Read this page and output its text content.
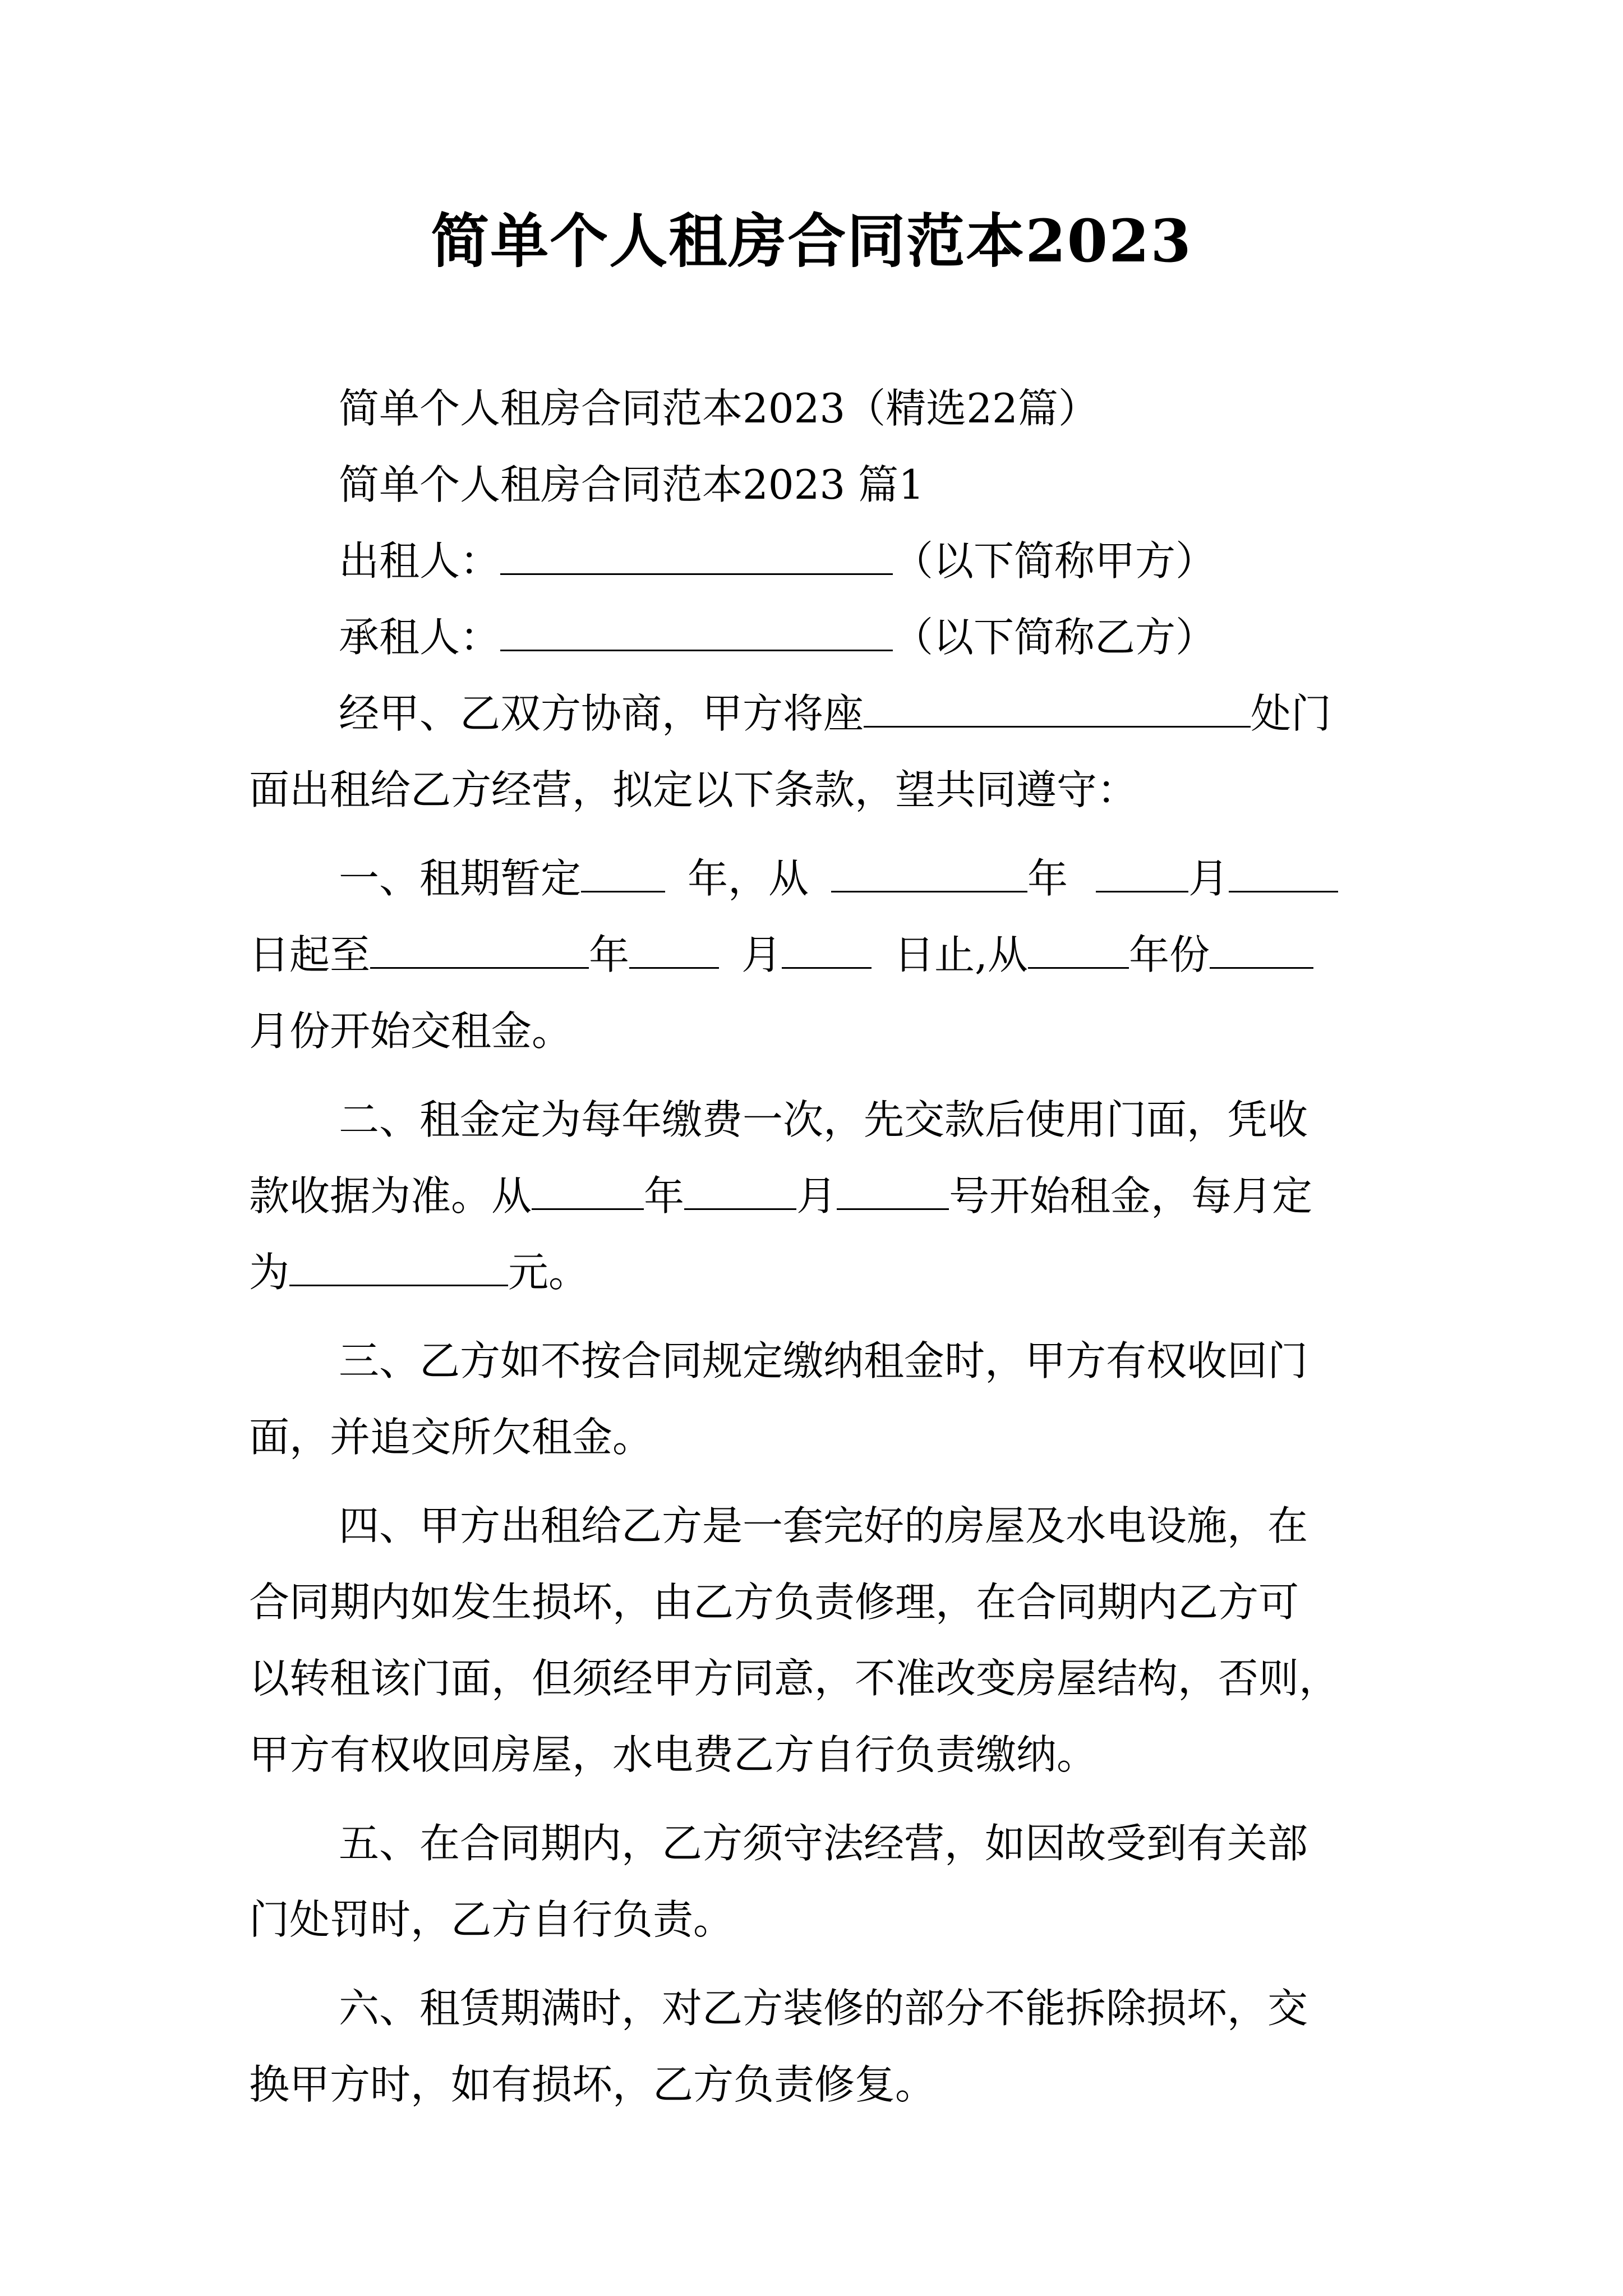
简单个人租房合同范本2023
简单个人租房合同范本2023（精选22篇）
简单个人租房合同范本2023 篇1
出租人：	（以下简称甲方）
承租人：	（以下简称乙方）
经甲、乙双方协商，甲方将座	处门
面出租给乙方经营，拟定以下条款，望共同遵守：
一、租期暂定	年，从	年	月
日起至	年	月	日止,从	年份
月份开始交租金。
二、租金定为每年缴费一次，先交款后使用门面，凭收
款收据为准。从	年	月	号开始租金，每月定
为	元。
三、乙方如不按合同规定缴纳租金时，甲方有权收回门
面，并追交所欠租金。
四、甲方出租给乙方是一套完好的房屋及水电设施，在
合同期内如发生损坏，由乙方负责修理，在合同期内乙方可
以转租该门面，但须经甲方同意，不准改变房屋结构，否则，
甲方有权收回房屋，水电费乙方自行负责缴纳。
五、在合同期内，乙方须守法经营，如因故受到有关部
门处罚时，乙方自行负责。
六、租赁期满时，对乙方装修的部分不能拆除损坏，交
换甲方时，如有损坏，乙方负责修复。
